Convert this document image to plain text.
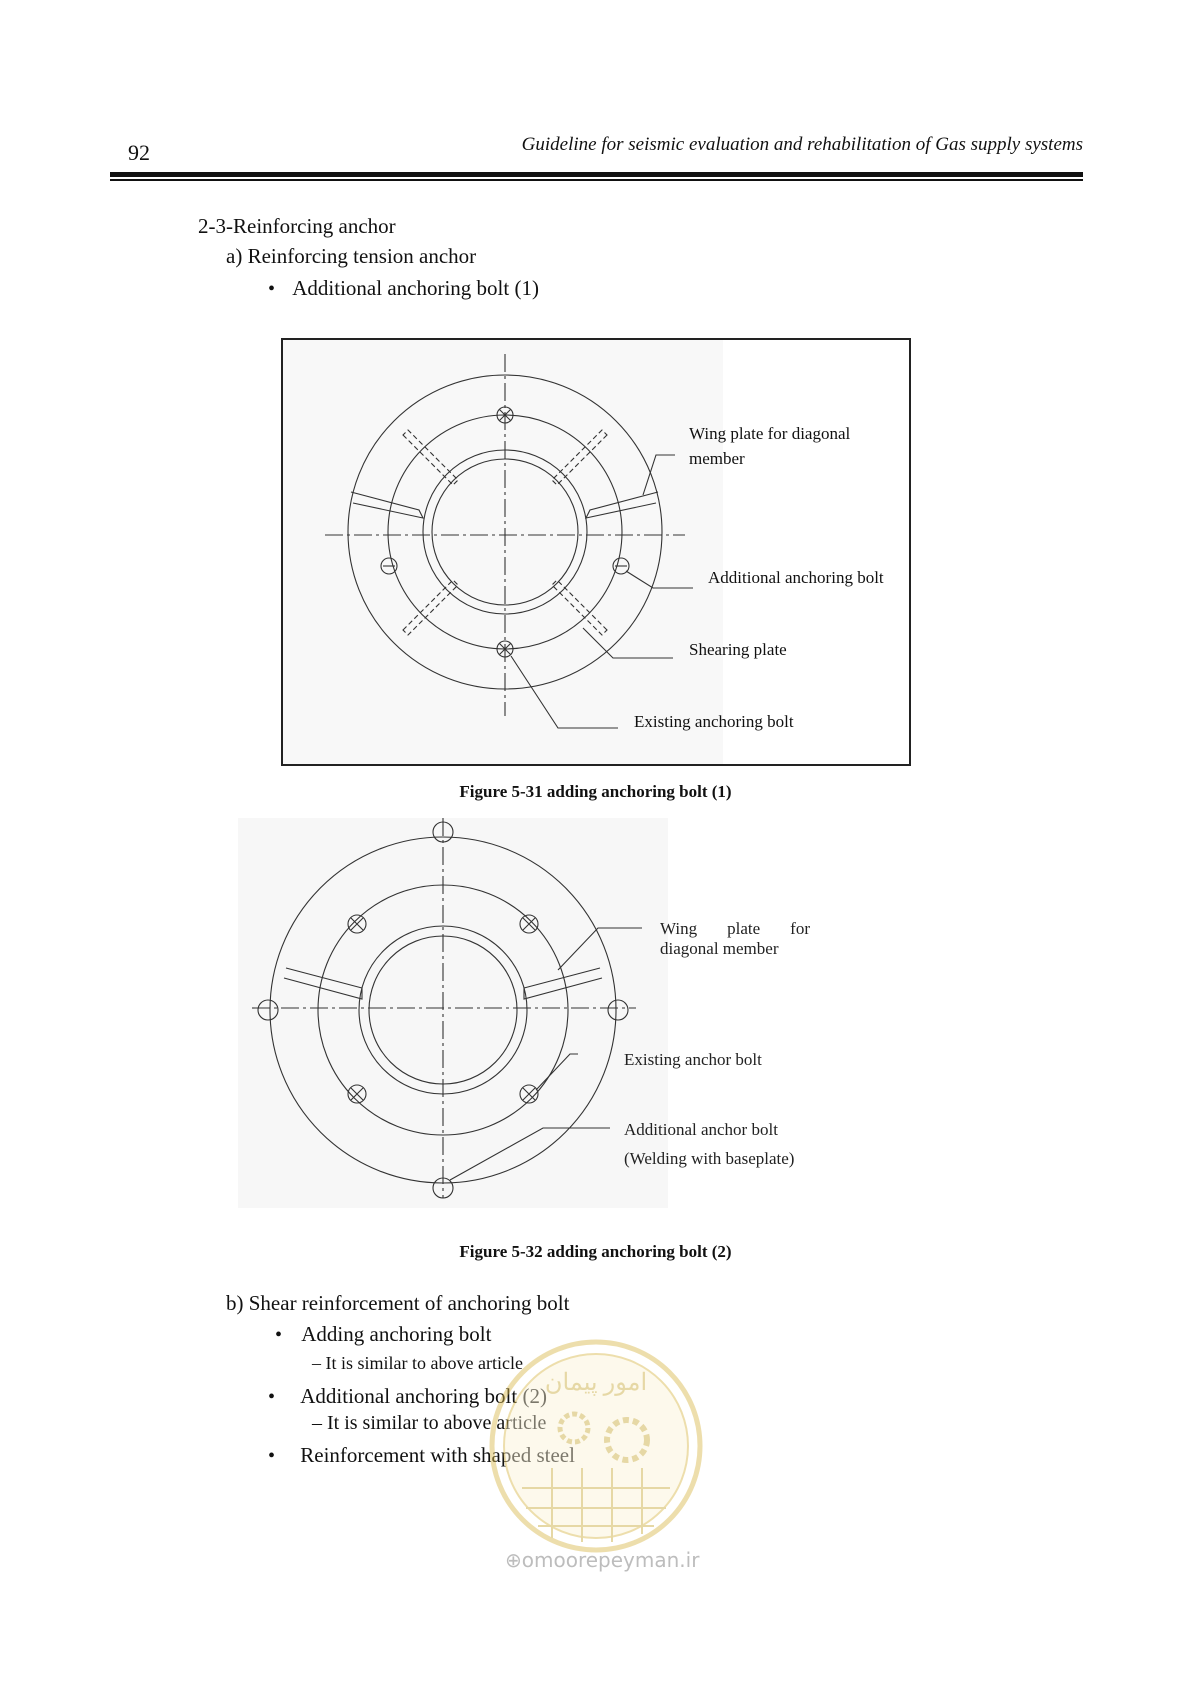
92	Guideline for seismic evaluation and rehabilitation of Gas supply systems
2-3-Reinforcing anchor
a) Reinforcing tension anchor
• Additional anchoring bolt (1)
Wing plate for diagonal
member
Additional anchoring bolt
Shearing plate
Existing anchoring bolt
Figure 5-31 adding anchoring bolt (1)
Wing plate for
diagonal member
Existing anchor bolt
Additional anchor bolt
(Welding with baseplate)
Figure 5-32 adding anchoring bolt (2)
b) Shear reinforcement of anchoring bolt
• Adding anchoring bolt
– It is similar to above article
• Additional anchoring bolt (2)
– It is similar to above article
• Reinforcement with shaped steel
امور پیمان
⊕omoorepeyman.ir
